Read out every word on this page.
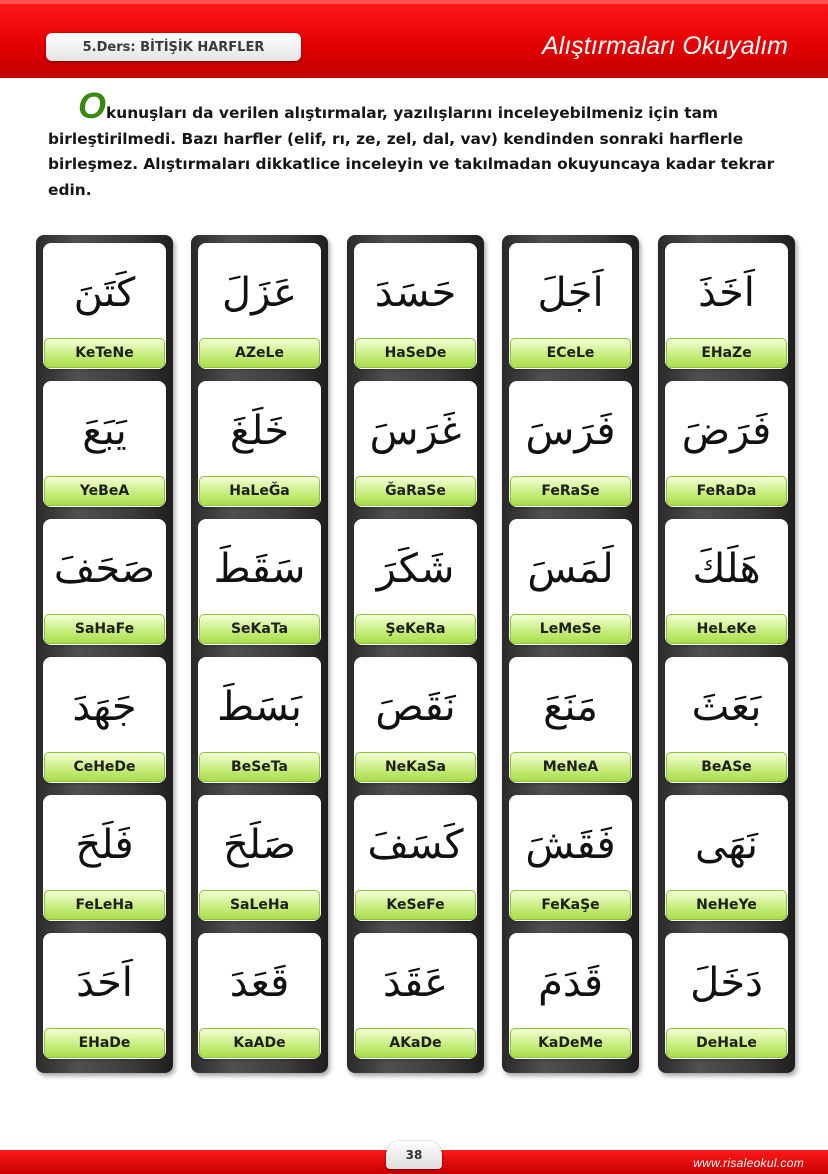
5.Ders: BİTİŞİK HARFLER	Alıştırmaları Okuyalım
Okunuşları da verilen alıştırmalar, yazılışlarını inceleyebilmeniz için tam birleştirilmedi. Bazı harfler (elif, rı, ze, zel, dal, vav) kendinden sonraki harflerle birleşmez. Alıştırmaları dikkatlice inceleyin ve takılmadan okuyuncaya kadar tekrar edin.
كَتَنَ
KeTeNe
يَبَعَ
YeBeA
صَحَفَ
SaHaFe
جَهَدَ
CeHeDe
فَلَحَ
FeLeHa
اَحَدَ
EHaDe
عَزَلَ
AZeLe
خَلَغَ
HaLeĞa
سَقَطَ
SeKaTa
بَسَطَ
BeSeTa
صَلَحَ
SaLeHa
قَعَدَ
KaADe
حَسَدَ
HaSeDe
غَرَسَ
ĞaRaSe
شَكَرَ
ŞeKeRa
نَقَصَ
NeKaSa
كَسَفَ
KeSeFe
عَقَدَ
AKaDe
اَجَلَ
ECeLe
فَرَسَ
FeRaSe
لَمَسَ
LeMeSe
مَنَعَ
MeNeA
فَقَشَ
FeKaŞe
قَدَمَ
KaDeMe
اَخَذَ
EHaZe
فَرَضَ
FeRaDa
هَلَكَ
HeLeKe
بَعَثَ
BeASe
نَهَى
NeHeYe
دَخَلَ
DeHaLe
38
www.risaleokul.com
